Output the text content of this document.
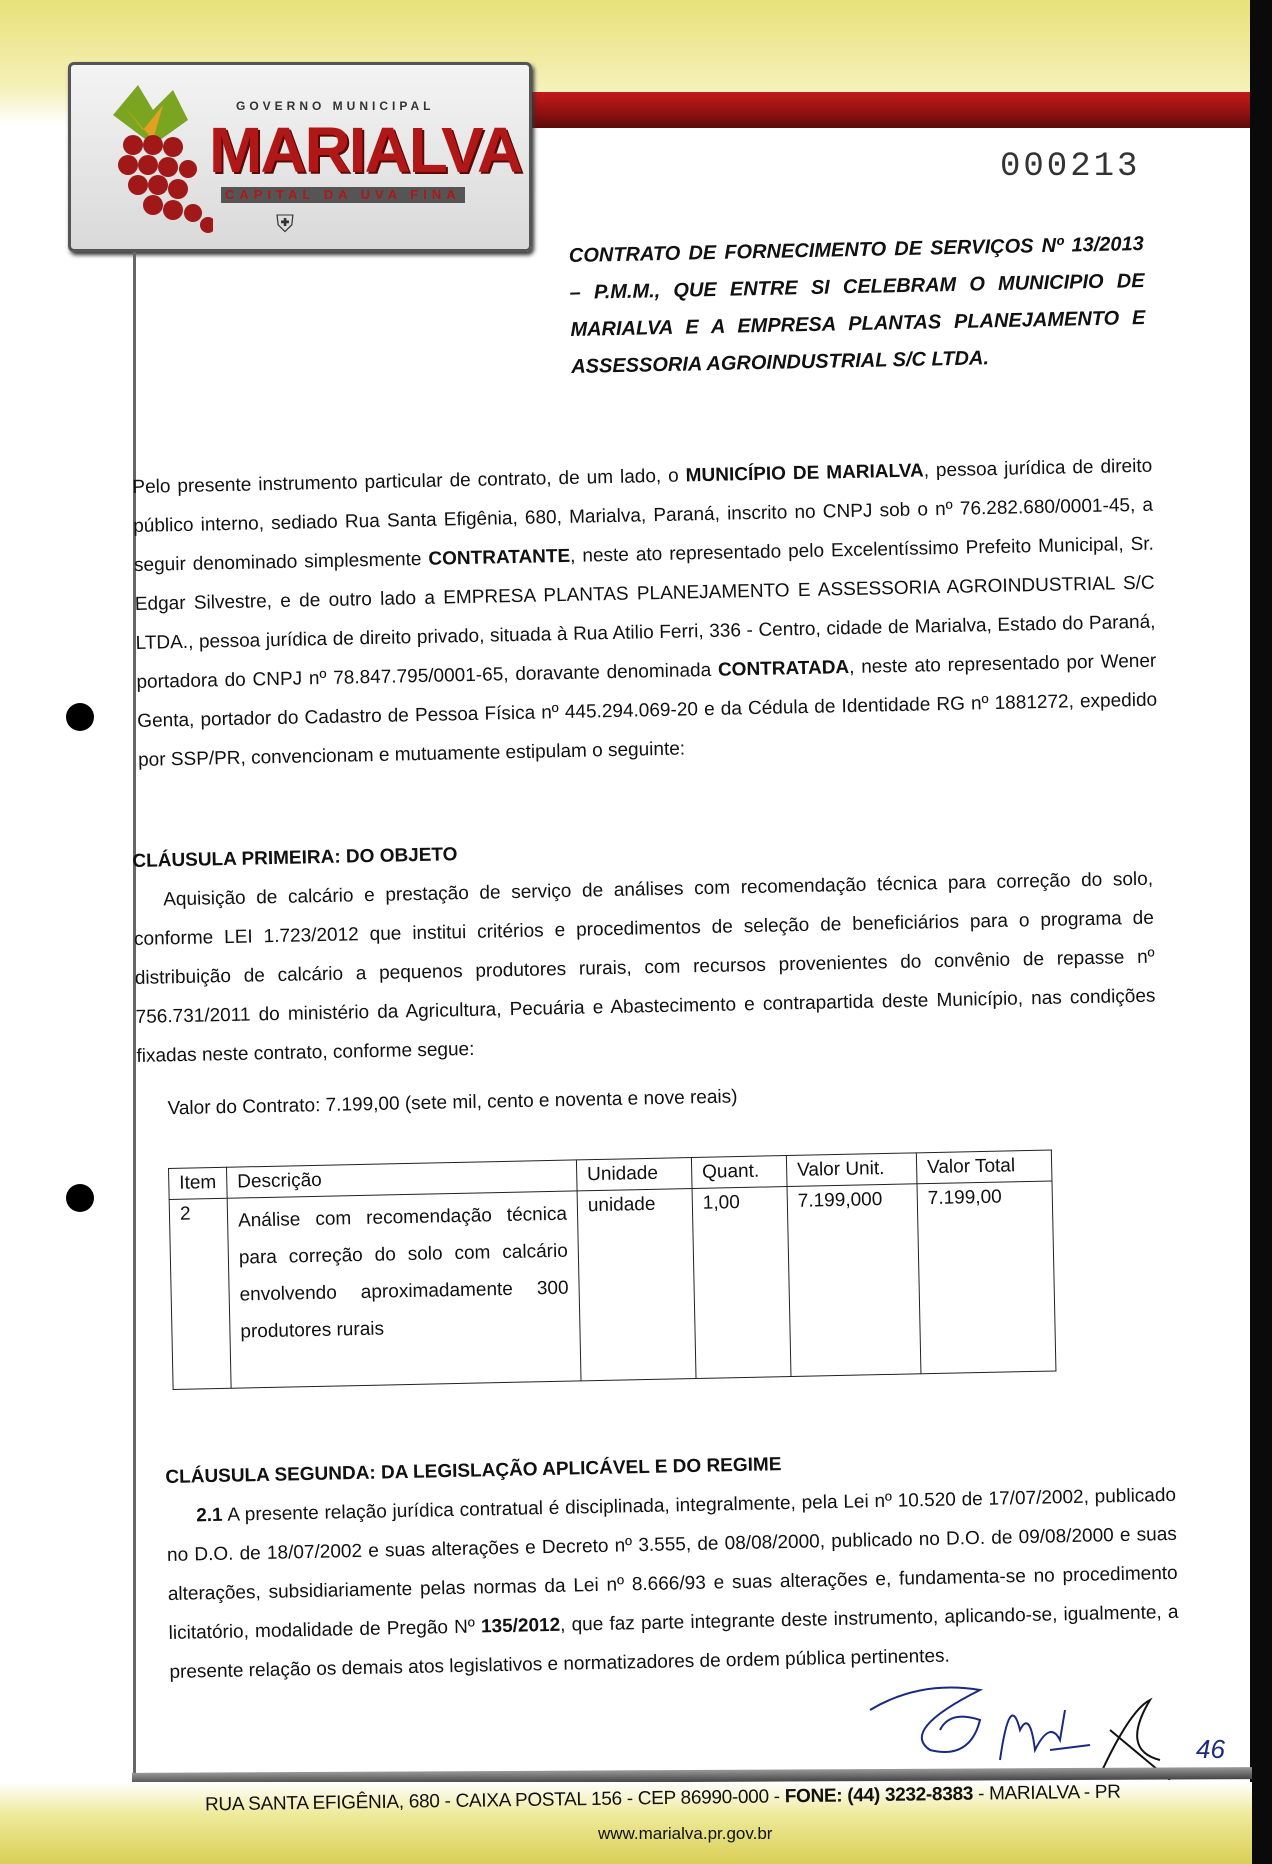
GOVERNO MUNICIPAL
MARIALVA
CAPITAL DA UVA FINA
⛨
000213
CONTRATO DE FORNECIMENTO DE SERVIÇOS Nº 13/2013 – P.M.M., QUE ENTRE SI CELEBRAM O MUNICIPIO DE MARIALVA E A EMPRESA PLANTAS PLANEJAMENTO E ASSESSORIA AGROINDUSTRIAL S/C LTDA.

Pelo presente instrumento particular de contrato, de um lado, o MUNICÍPIO DE MARIALVA, pessoa jurídica de direito público interno, sediado Rua Santa Efigênia, 680, Marialva, Paraná, inscrito no CNPJ sob o nº 76.282.680/0001-45, a seguir denominado simplesmente CONTRATANTE, neste ato representado pelo Excelentíssimo Prefeito Municipal, Sr. Edgar Silvestre, e de outro lado a EMPRESA PLANTAS PLANEJAMENTO E ASSESSORIA AGROINDUSTRIAL S/C LTDA., pessoa jurídica de direito privado, situada à Rua Atilio Ferri, 336 - Centro, cidade de Marialva, Estado do Paraná, portadora do CNPJ nº 78.847.795/0001-65, doravante denominada CONTRATADA, neste ato representado por Wener Genta, portador do Cadastro de Pessoa Física nº 445.294.069-20 e da Cédula de Identidade RG nº 1881272, expedido por SSP/PR, convencionam e mutuamente estipulam o seguinte:

CLÁUSULA PRIMEIRA: DO OBJETO

Aquisição de calcário e prestação de serviço de análises com recomendação técnica para correção do solo, conforme LEI 1.723/2012 que institui critérios e procedimentos de seleção de beneficiários para o programa de distribuição de calcário a pequenos produtores rurais, com recursos provenientes do convênio de repasse nº 756.731/2011 do ministério da Agricultura, Pecuária e Abastecimento e contrapartida deste Município, nas condições fixadas neste contrato, conforme segue:

Valor do Contrato: 7.199,00 (sete mil, cento e noventa e nove reais)

Item	Descrição	Unidade	Quant.	Valor Unit.	Valor Total
2	Análise com recomendação técnica para correção do solo com calcário envolvendo aproximadamente 300 produtores rurais	unidade	1,00	7.199,000	7.199,00

CLÁUSULA SEGUNDA: DA LEGISLAÇÃO APLICÁVEL E DO REGIME

2.1 A presente relação jurídica contratual é disciplinada, integralmente, pela Lei nº 10.520 de 17/07/2002, publicado no D.O. de 18/07/2002 e suas alterações e Decreto nº 3.555, de 08/08/2000, publicado no D.O. de 09/08/2000 e suas alterações, subsidiariamente pelas normas da Lei nº 8.666/93 e suas alterações e, fundamenta-se no procedimento licitatório, modalidade de Pregão Nº 135/2012, que faz parte integrante deste instrumento, aplicando-se, igualmente, a presente relação os demais atos legislativos e normatizadores de ordem pública pertinentes.

46
RUA SANTA EFIGÊNIA, 680 - CAIXA POSTAL 156 - CEP 86990-000 - FONE: (44) 3232-8383 - MARIALVA - PR
www.marialva.pr.gov.br
